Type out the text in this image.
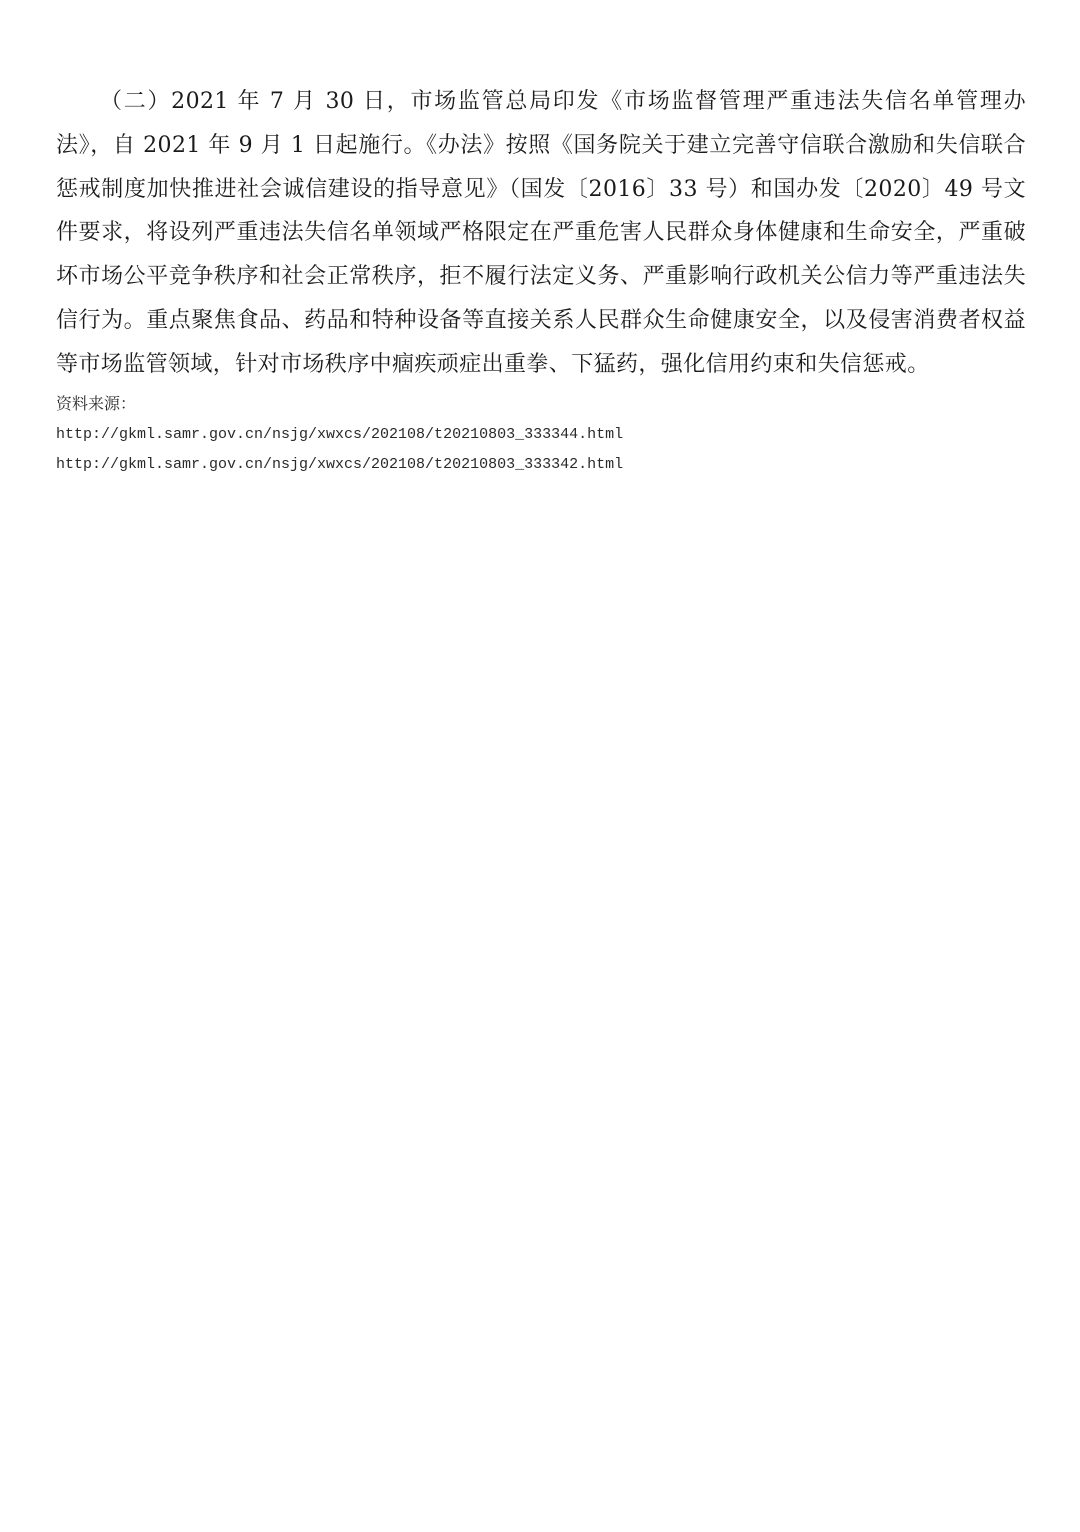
（二）2021 年 7 月 30 日，市场监管总局印发《市场监督管理严重违法失信名单管理办法》，自 2021 年 9 月 1 日起施行。《办法》按照《国务院关于建立完善守信联合激励和失信联合惩戒制度加快推进社会诚信建设的指导意见》（国发〔2016〕33 号）和国办发〔2020〕49 号文件要求，将设列严重违法失信名单领域严格限定在严重危害人民群众身体健康和生命安全，严重破坏市场公平竞争秩序和社会正常秩序，拒不履行法定义务、严重影响行政机关公信力等严重违法失信行为。重点聚焦食品、药品和特种设备等直接关系人民群众生命健康安全，以及侵害消费者权益等市场监管领域，针对市场秩序中痼疾顽症出重拳、下猛药，强化信用约束和失信惩戒。

资料来源：
http://gkml.samr.gov.cn/nsjg/xwxcs/202108/t20210803_333344.html
http://gkml.samr.gov.cn/nsjg/xwxcs/202108/t20210803_333342.html
